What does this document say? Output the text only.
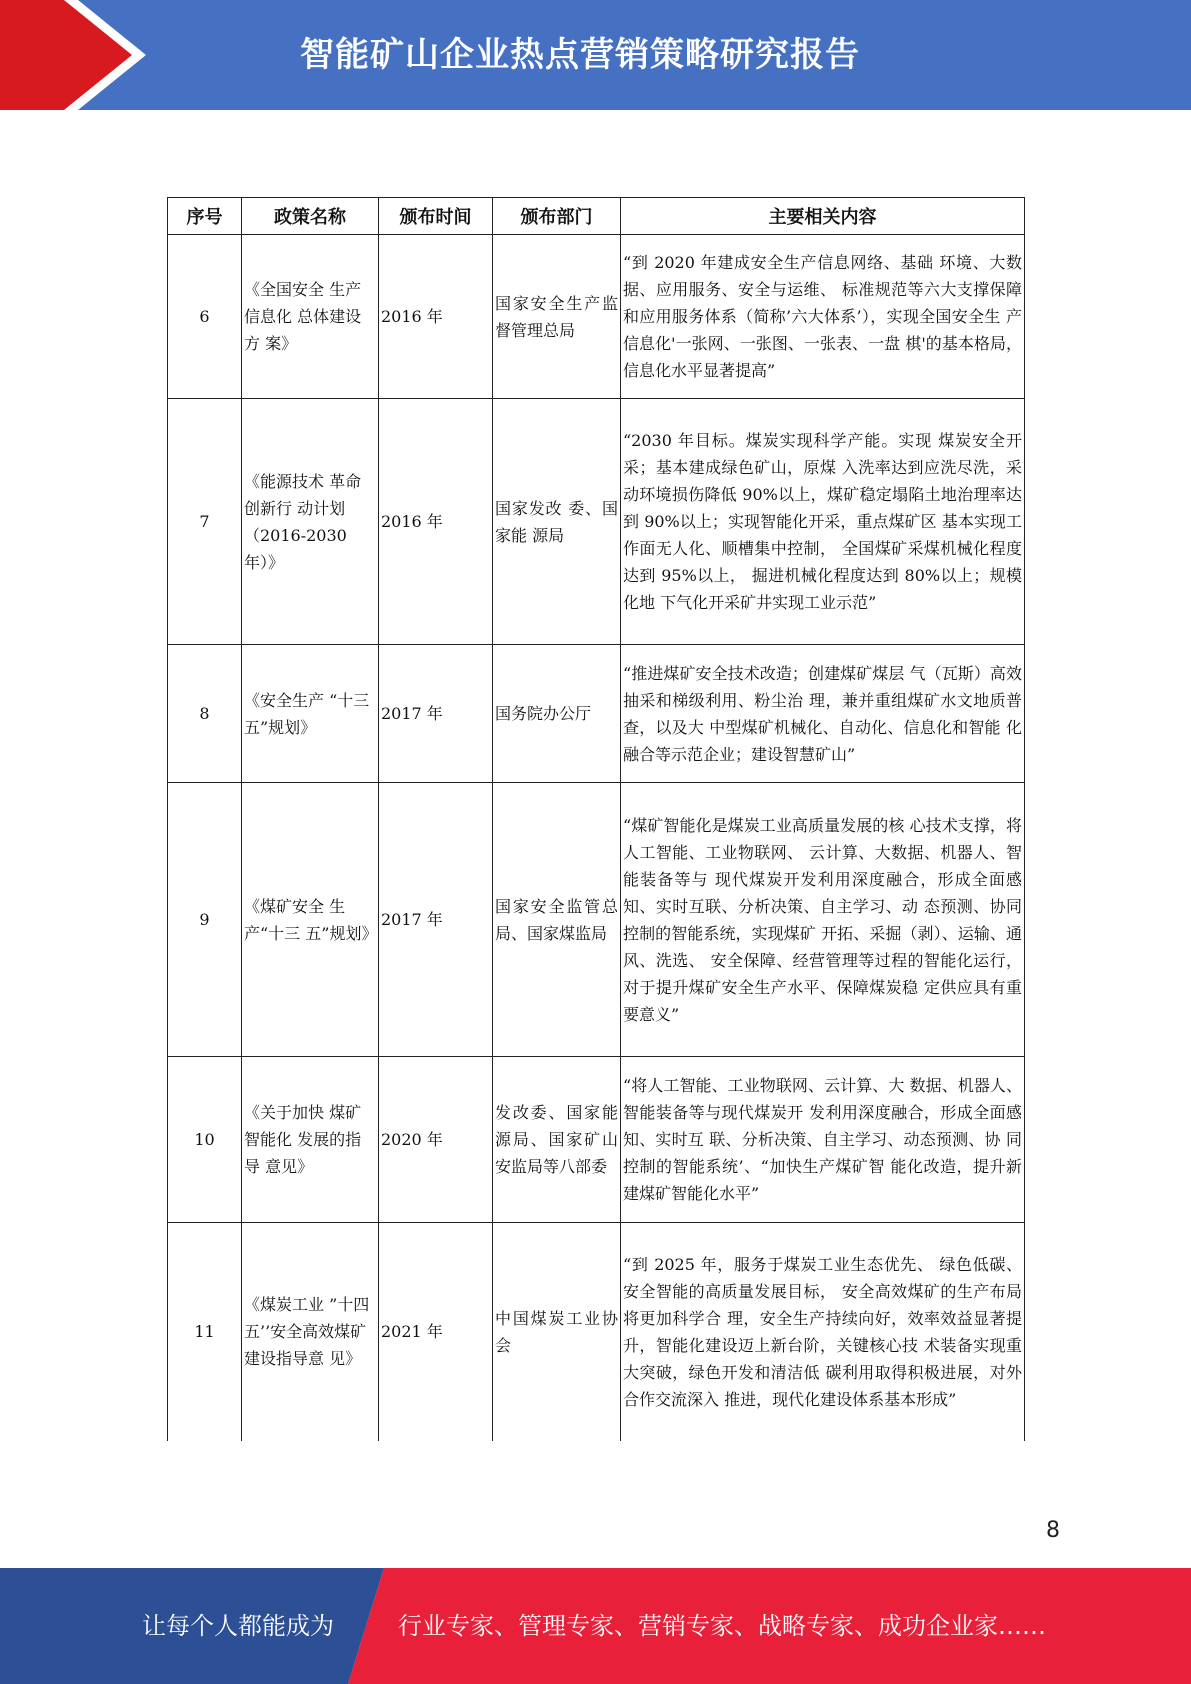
智能矿山企业热点营销策略研究报告
序号	政策名称	颁布时间	颁布部门	主要相关内容
6	《全国安全 生产信息化 总体建设方 案》	2016 年	国家安全生产监督管理总局	“到 2020 年建成安全生产信息网络、基础 环境、大数据、应用服务、安全与运维、 标准规范等六大支撑保障和应用服务体系（简称’六大体系’），实现全国安全生 产信息化'一张网、一张图、一张表、一盘 棋'的基本格局，信息化水平显著提高”
7	《能源技术 革命创新行 动计划 （2016-2030 年）》	2016 年	国家发改 委、国家能 源局	“2030 年目标。煤炭实现科学产能。实现 煤炭安全开采；基本建成绿色矿山，原煤 入洗率达到应洗尽洗，采动环境损伤降低 90%以上，煤矿稳定塌陷土地治理率达到 90%以上；实现智能化开采，重点煤矿区 基本实现工作面无人化、顺槽集中控制， 全国煤矿采煤机械化程度达到 95%以上， 掘进机械化程度达到 80%以上；规模化地 下气化开采矿井实现工业示范”
8	《安全生产 “十三五”规划》	2017 年	国务院办公厅	“推进煤矿安全技术改造；创建煤矿煤层 气（瓦斯）高效抽采和梯级利用、粉尘治 理，兼并重组煤矿水文地质普查，以及大 中型煤矿机械化、自动化、信息化和智能 化融合等示范企业；建设智慧矿山”
9	《煤矿安全 生产“十三 五”规划》	2017 年	国家安全监管总局、国家煤监局	“煤矿智能化是煤炭工业高质量发展的核 心技术支撑，将人工智能、工业物联网、 云计算、大数据、机器人、智能装备等与 现代煤炭开发利用深度融合，形成全面感 知、实时互联、分析决策、自主学习、动 态预测、协同控制的智能系统，实现煤矿 开拓、采掘（剥）、运输、通风、洗选、 安全保障、经营管理等过程的智能化运行， 对于提升煤矿安全生产水平、保障煤炭稳 定供应具有重要意义”
10	《关于加快 煤矿智能化 发展的指导 意见》	2020 年	发改委、国家能源局、国家矿山安监局等八部委	“将人工智能、工业物联网、云计算、大 数据、机器人、智能装备等与现代煤炭开 发利用深度融合，形成全面感知、实时互 联、分析决策、自主学习、动态预测、协 同控制的智能系统’、“加快生产煤矿智 能化改造，提升新建煤矿智能化水平”
11	《煤炭工业 ”十四五’’安全高效煤矿 建设指导意 见》	2021 年	中国煤炭工业协会	“到 2025 年，服务于煤炭工业生态优先、 绿色低碳、安全智能的高质量发展目标， 安全高效煤矿的生产布局将更加科学合 理，安全生产持续向好，效率效益显著提 升，智能化建设迈上新台阶，关键核心技 术装备实现重大突破，绿色开发和清洁低 碳利用取得积极进展，对外合作交流深入 推进，现代化建设体系基本形成”
8
让每个人都能成为	行业专家、管理专家、营销专家、战略专家、成功企业家……
